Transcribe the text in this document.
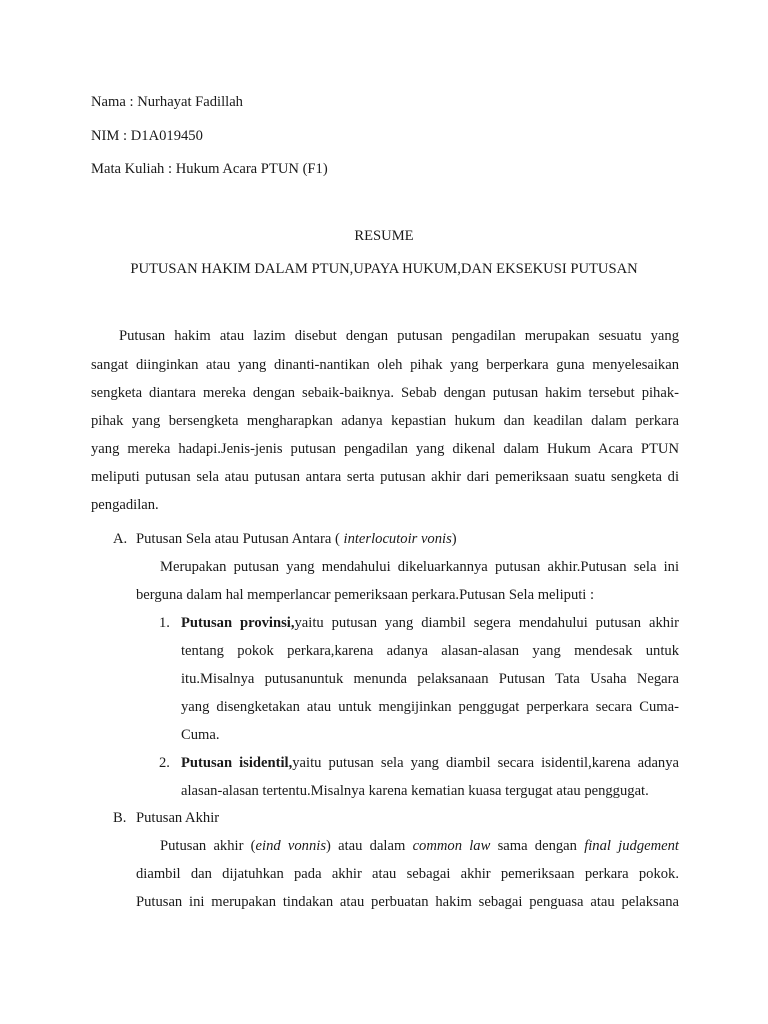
Nama : Nurhayat Fadillah
NIM : D1A019450
Mata Kuliah : Hukum Acara PTUN (F1)
RESUME
PUTUSAN HAKIM DALAM PTUN,UPAYA HUKUM,DAN EKSEKUSI PUTUSAN
Putusan hakim atau lazim disebut dengan putusan pengadilan merupakan sesuatu yang
sangat diinginkan atau yang dinanti-nantikan oleh pihak yang berperkara guna menyelesaikan
sengketa diantara mereka dengan sebaik-baiknya. Sebab dengan putusan hakim tersebut pihak-
pihak yang bersengketa mengharapkan adanya kepastian hukum dan keadilan dalam perkara
yang mereka hadapi.Jenis-jenis putusan pengadilan yang dikenal dalam Hukum Acara PTUN
meliputi putusan sela atau putusan antara serta putusan akhir dari pemeriksaan suatu sengketa di
pengadilan.
A. Putusan Sela atau Putusan Antara ( interlocutoir vonis)
Merupakan putusan yang mendahului dikeluarkannya putusan akhir.Putusan sela ini
berguna dalam hal memperlancar pemeriksaan perkara.Putusan Sela meliputi :
1. Putusan provinsi,yaitu putusan yang diambil segera mendahului putusan akhir
tentang pokok perkara,karena adanya alasan-alasan yang mendesak untuk
itu.Misalnya putusanuntuk menunda pelaksanaan Putusan Tata Usaha Negara
yang disengketakan atau untuk mengijinkan penggugat perperkara secara Cuma-
Cuma.
2. Putusan isidentil,yaitu putusan sela yang diambil secara isidentil,karena adanya
alasan-alasan tertentu.Misalnya karena kematian kuasa tergugat atau penggugat.
B. Putusan Akhir
Putusan akhir (eind vonnis) atau dalam common law sama dengan final judgement
diambil dan dijatuhkan pada akhir atau sebagai akhir pemeriksaan perkara pokok.
Putusan ini merupakan tindakan atau perbuatan hakim sebagai penguasa atau pelaksana
